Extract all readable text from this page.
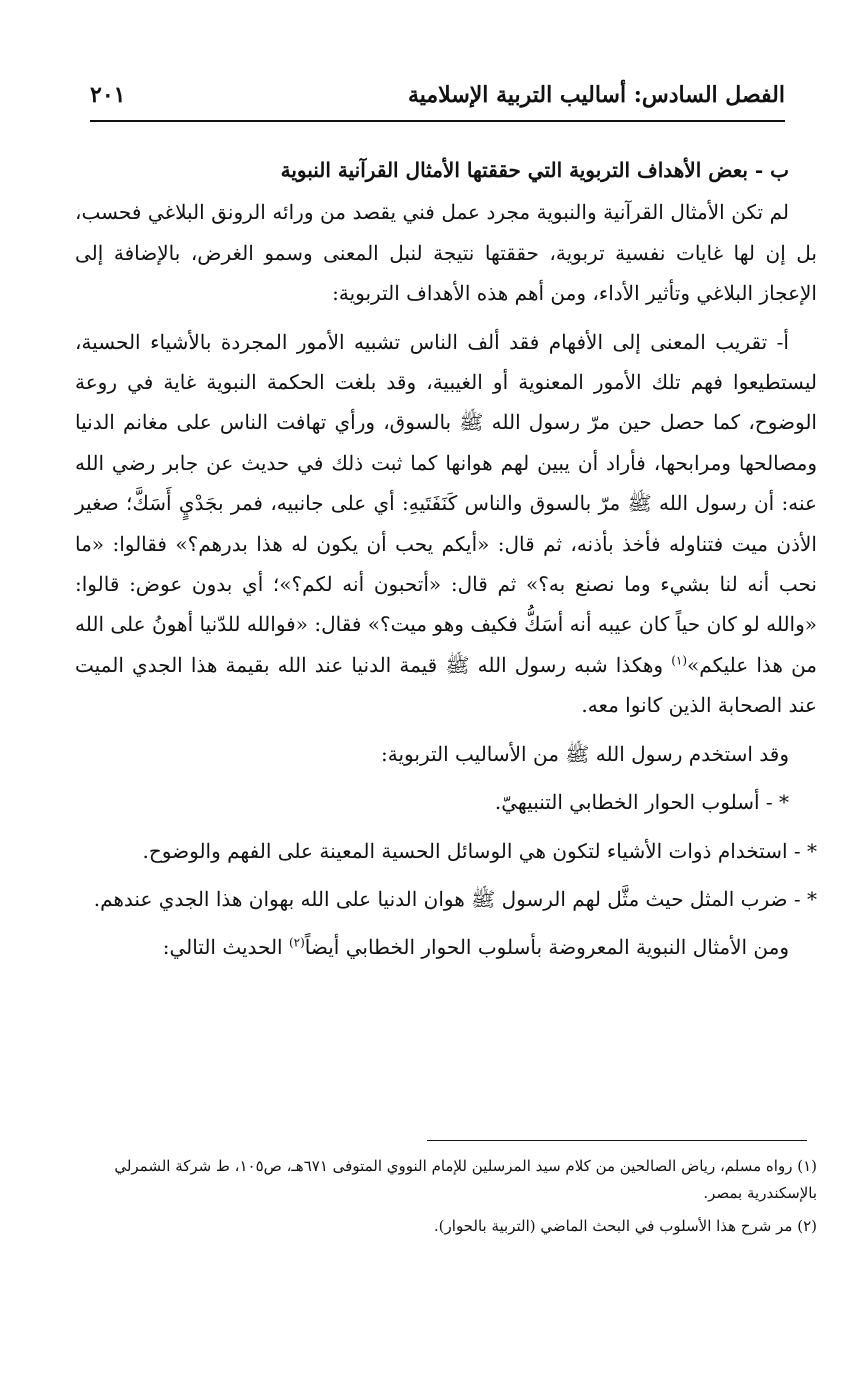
الفصل السادس: أساليب التربية الإسلامية
٢٠١

ب - بعض الأهداف التربوية التي حققتها الأمثال القرآنية النبوية

لم تكن الأمثال القرآنية والنبوية مجرد عمل فني يقصد من ورائه الرونق البلاغي فحسب، بل إن لها غايات نفسية تربوية، حققتها نتيجة لنبل المعنى وسمو الغرض، بالإضافة إلى الإعجاز البلاغي وتأثير الأداء، ومن أهم هذه الأهداف التربوية:

أ- تقريب المعنى إلى الأفهام فقد ألف الناس تشبيه الأمور المجردة بالأشياء الحسية، ليستطيعوا فهم تلك الأمور المعنوية أو الغيبية، وقد بلغت الحكمة النبوية غاية في روعة الوضوح، كما حصل حين مرّ رسول الله ﷺ بالسوق، ورأي تهافت الناس على مغانم الدنيا ومصالحها ومرابحها، فأراد أن يبين لهم هوانها كما ثبت ذلك في حديث عن جابر رضي الله عنه: أن رسول الله ﷺ مرّ بالسوق والناس كَنَفَتَيهِ: أي على جانبيه، فمر بجَدْيٍ أَسَكَّ؛ صغير الأذن ميت فتناوله فأخذ بأذنه، ثم قال: «أيكم يحب أن يكون له هذا بدرهم؟» فقالوا: «ما نحب أنه لنا بشيء وما نصنع به؟» ثم قال: «أتحبون أنه لكم؟»؛ أي بدون عوض: قالوا: «والله لو كان حياً كان عيبه أنه أسَكُّ فكيف وهو ميت؟» فقال: «فوالله للدّنيا أهونُ على الله من هذا عليكم»$^{(١)}$ وهكذا شبه رسول الله ﷺ قيمة الدنيا عند الله بقيمة هذا الجدي الميت عند الصحابة الذين كانوا معه.

وقد استخدم رسول الله ﷺ من الأساليب التربوية:

* - أسلوب الحوار الخطابي التنبيهيّ.

* - استخدام ذوات الأشياء لتكون هي الوسائل الحسية المعينة على الفهم والوضوح.

* - ضرب المثل حيث مثَّل لهم الرسول ﷺ هوان الدنيا على الله بهوان هذا الجدي عندهم.

ومن الأمثال النبوية المعروضة بأسلوب الحوار الخطابي أيضاً$^{(٢)}$ الحديث التالي:

(١) رواه مسلم، رياض الصالحين من كلام سيد المرسلين للإمام النووي المتوفى ٦٧١هـ، ص١٠٥، ط شركة الشمرلي بالإسكندرية بمصر.

(٢) مر شرح هذا الأسلوب في البحث الماضي (التربية بالحوار).
